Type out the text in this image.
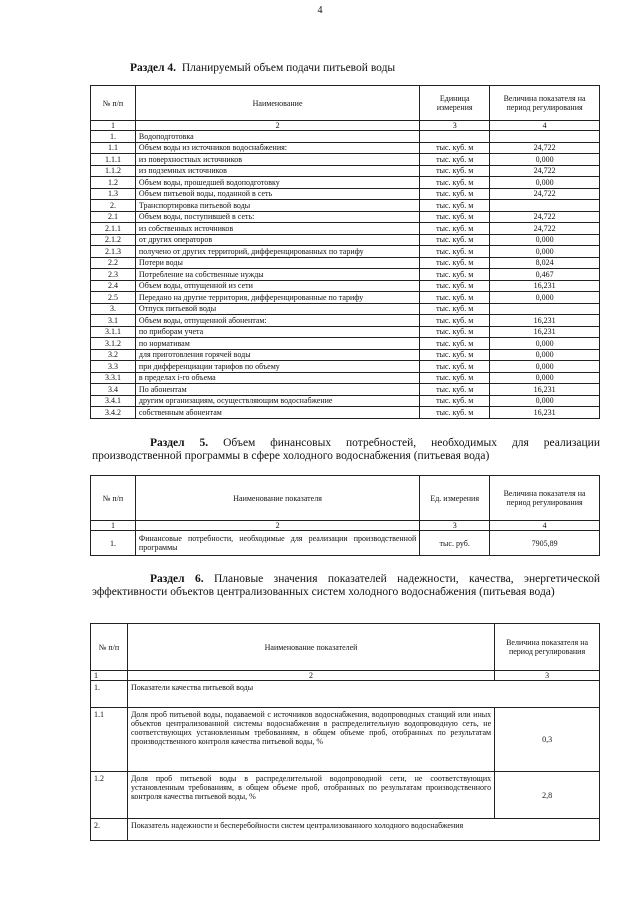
4
Раздел 4. Планируемый объем подачи питьевой воды
№ п/п	Наименование	Единица измерения	Величина показателя на период регулирования
1	2	3	4
1.	Водоподготовка		
1.1	Объем воды из источников водоснабжения:	тыс. куб. м	24,722
1.1.1	из поверхностных источников	тыс. куб. м	0,000
1.1.2	из подземных источников	тыс. куб. м	24,722
1.2	Объем воды, прошедшей водоподготовку	тыс. куб. м	0,000
1.3	Объем питьевой воды, поданной в сеть	тыс. куб. м	24,722
2.	Транспортировка питьевой воды	тыс. куб. м	
2.1	Объем воды, поступившей в сеть:	тыс. куб. м	24,722
2.1.1	из собственных источников	тыс. куб. м	24,722
2.1.2	от других операторов	тыс. куб. м	0,000
2.1.3	получено от других территорий, дифференцированных по тарифу	тыс. куб. м	0,000
2.2	Потери воды	тыс. куб. м	8,024
2.3	Потребление на собственные нужды	тыс. куб. м	0,467
2.4	Объем воды, отпущенной из сети	тыс. куб. м	16,231
2.5	Передано на другие территория, дифференцированные по тарифу	тыс. куб. м	0,000
3.	Отпуск питьевой воды	тыс. куб. м	
3.1	Объем воды, отпущенной абонентам:	тыс. куб. м	16,231
3.1.1	по приборам учета	тыс. куб. м	16,231
3.1.2	по нормативам	тыс. куб. м	0,000
3.2	для приготовления горячей воды	тыс. куб. м	0,000
3.3	при дифференциации тарифов по объему	тыс. куб. м	0,000
3.3.1	в пределах i-го объема	тыс. куб. м	0,000
3.4	По абонентам	тыс. куб. м	16,231
3.4.1	другим организациям, осуществляющим водоснабжение	тыс. куб. м	0,000
3.4.2	собственным абонентам	тыс. куб. м	16,231
Раздел 5. Объем финансовых потребностей, необходимых для реализации производственной программы в сфере холодного водоснабжения (питьевая вода)
№ п/п	Наименование показателя	Ед. измерения	Величина показателя на период регулирования
1	2	3	4
1.	Финансовые потребности, необходимые для реализации производственной программы	тыс. руб.	7905,89
Раздел 6. Плановые значения показателей надежности, качества, энергетической эффективности объектов централизованных систем холодного водоснабжения (питьевая вода)
№ п/п	Наименование показателей	Величина показателя на период регулирования
1	2	3
1.	Показатели качества питьевой воды	
1.1	Доля проб питьевой воды, подаваемой с источников водоснабжения, водопроводных станций или иных объектов централизованной системы водоснабжения в распределительную водопроводную сеть, не соответствующих установленным требованиям, в общем объеме проб, отобранных по результатам производственного контроля качества питьевой воды, %	0,3
1.2	Доля проб питьевой воды в распределительной водопроводной сети, не соответствующих установленным требованиям, в общем объеме проб, отобранных по результатам производственного контроля качества питьевой воды, %	2,8
2.	Показатель надежности и бесперебойности систем централизованного холодного водоснабжения	
